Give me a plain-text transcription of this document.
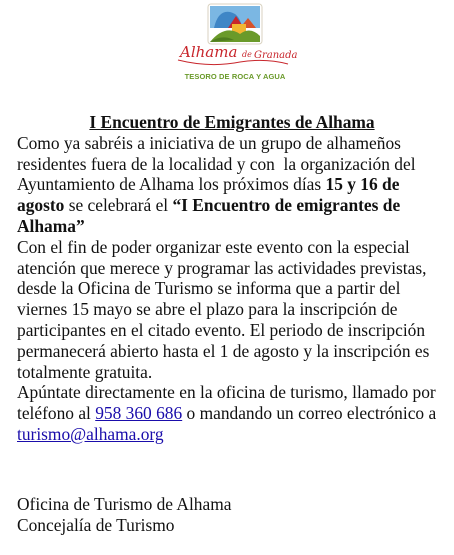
Alhama de Granada
TESORO DE ROCA Y AGUA

I Encuentro de Emigrantes de Alhama

Como ya sabréis a iniciativa de un grupo de alhameños residentes fuera de la localidad y con  la organización del Ayuntamiento de Alhama los próximos días 15 y 16 de agosto se celebrará el “I Encuentro de emigrantes de Alhama”

Con el fin de poder organizar este evento con la especial atención que merece y programar las actividades previstas, desde la Oficina de Turismo se informa que a partir del viernes 15 mayo se abre el plazo para la inscripción de participantes en el citado evento. El periodo de inscripción  permanecerá abierto hasta el 1 de agosto y la inscripción es totalmente gratuita.

Apúntate directamente en la oficina de turismo, llamado por teléfono al 958 360 686 o mandando un correo electrónico a turismo@alhama.org

Oficina de Turismo de Alhama
Concejalía de Turismo
